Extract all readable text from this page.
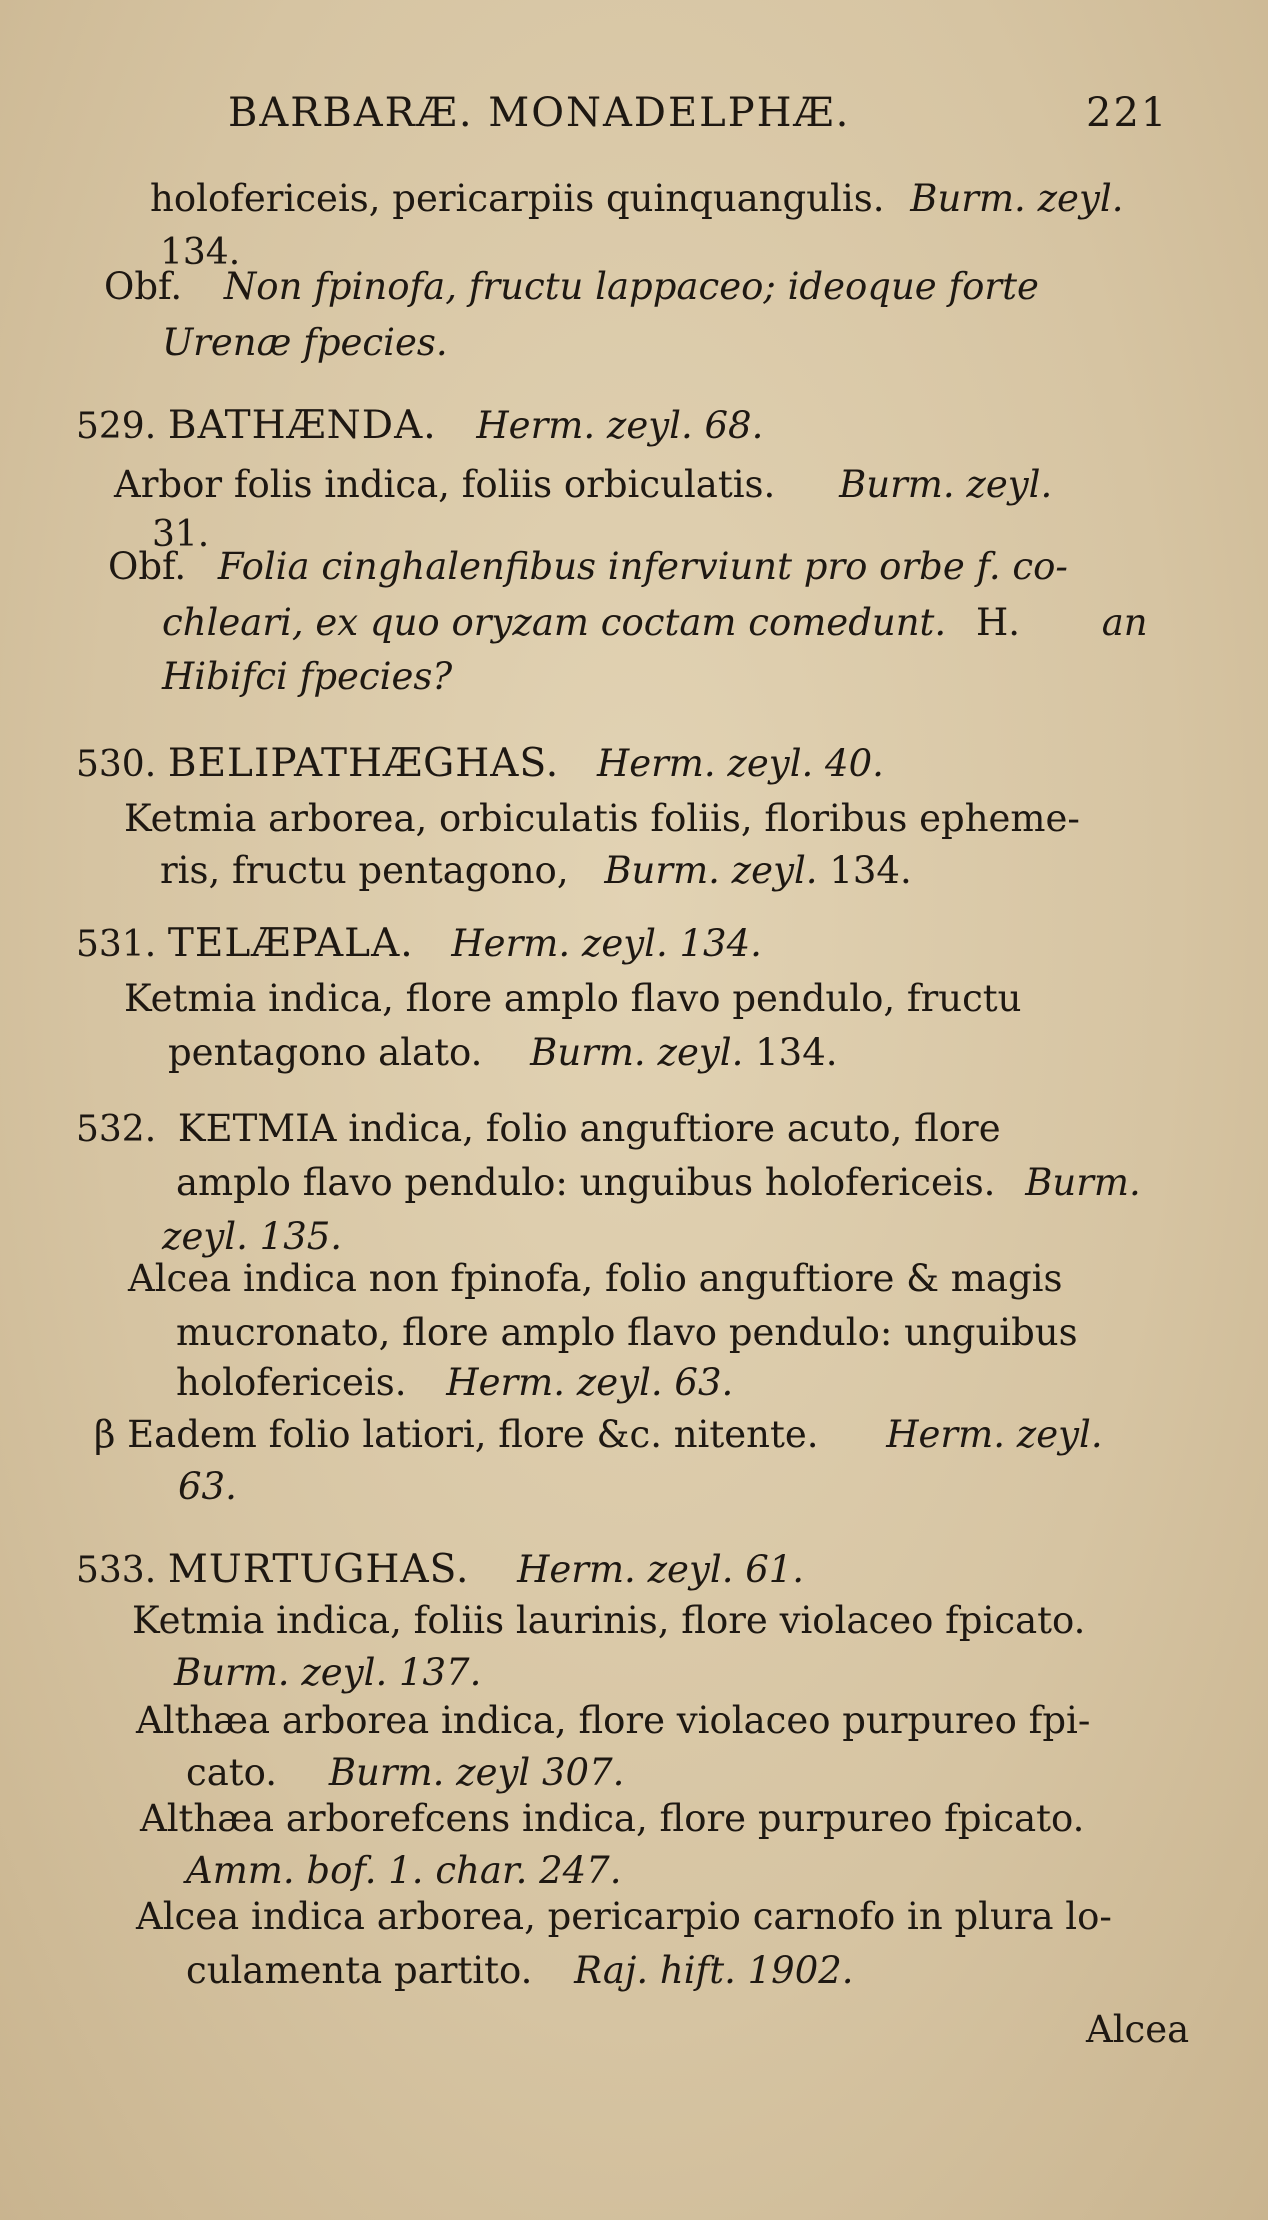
BARBARÆ. MONADELPHÆ.	221
holofericeis, pericarpiis quinquangulis. Burm. zeyl.
134.
Obf. Non fpinofa, fructu lappaceo; ideoque forte
Urenæ fpecies.
529. BATHÆNDA. Herm. zeyl. 68.
Arbor folis indica, foliis orbiculatis. Burm. zeyl.
31.
Obf. Folia cinghalenfibus inferviunt pro orbe f. co-
chleari, ex quo oryzam coctam comedunt. H. an
Hibifci fpecies?
530. BELIPATHÆGHAS. Herm. zeyl. 40.
Ketmia arborea, orbiculatis foliis, floribus epheme-
ris, fructu pentagono, Burm. zeyl. 134.
531. TELÆPALA. Herm. zeyl. 134.
Ketmia indica, flore amplo flavo pendulo, fructu
pentagono alato. Burm. zeyl. 134.
532. KETMIA indica, folio anguftiore acuto, flore
amplo flavo pendulo: unguibus holofericeis. Burm.
zeyl. 135.
Alcea indica non fpinofa, folio anguftiore & magis
mucronato, flore amplo flavo pendulo: unguibus
holofericeis. Herm. zeyl. 63.
β Eadem folio latiori, flore &c. nitente. Herm. zeyl.
63.
533. MURTUGHAS. Herm. zeyl. 61.
Ketmia indica, foliis laurinis, flore violaceo fpicato.
Burm. zeyl. 137.
Althæa arborea indica, flore violaceo purpureo fpi-
cato. Burm. zeyl 307.
Althæa arborefcens indica, flore purpureo fpicato.
Amm. bof. 1. char. 247.
Alcea indica arborea, pericarpio carnofo in plura lo-
culamenta partito. Raj. hift. 1902.
Alcea
